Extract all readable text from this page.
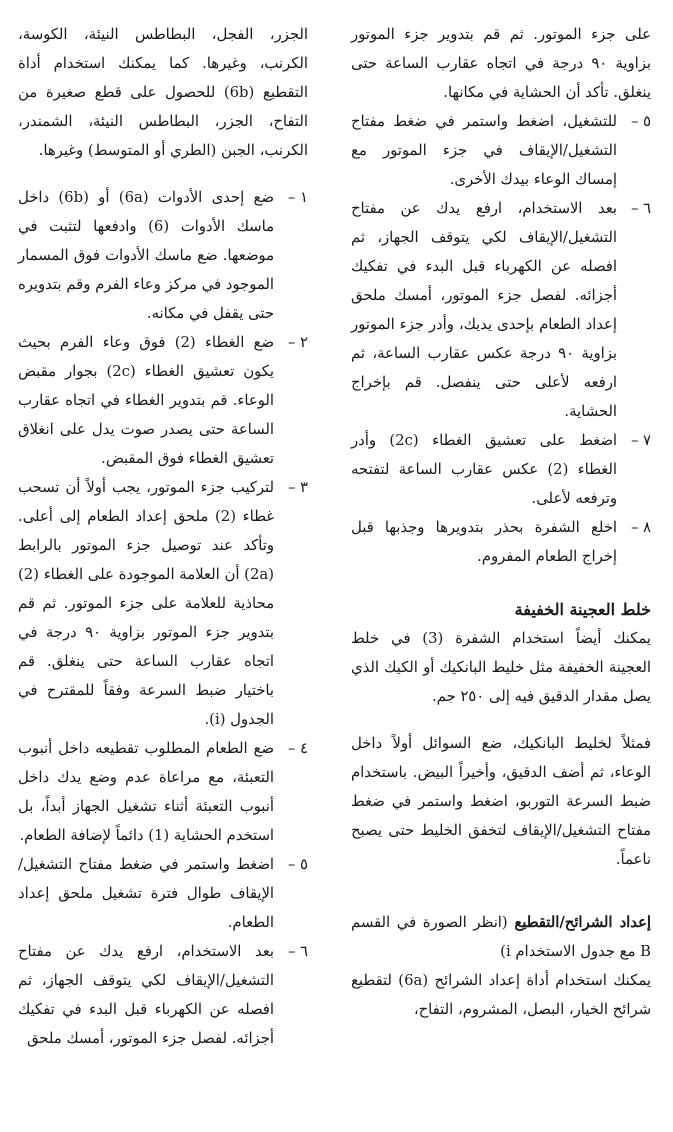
على جزء الموتور. ثم قم بتدوير جزء الموتور بزاوية ٩٠ درجة في اتجاه عقارب الساعة حتى ينغلق. تأكد أن الحشاية في مكانها.

٥ –
للتشغيل، اضغط واستمر في ضغط مفتاح التشغيل/الإيقاف في جزء الموتور مع إمساك الوعاء بيدك الأخرى.
٦ –
بعد الاستخدام، ارفع يدك عن مفتاح التشغيل/الإيقاف لكي يتوقف الجهاز، ثم افصله عن الكهرباء قبل البدء في تفكيك أجزائه. لفصل جزء الموتور، أمسك ملحق إعداد الطعام بإحدى يديك، وأدر جزء الموتور بزاوية ٩٠ درجة عكس عقارب الساعة، ثم ارفعه لأعلى حتى ينفصل. قم بإخراج الحشاية.
٧ –
اضغط على تعشيق الغطاء (2c) وأدر الغطاء (2) عكس عقارب الساعة لتفتحه وترفعه لأعلى.
٨ –
اخلع الشفرة بحذر بتدويرها وجذبها قبل إخراج الطعام المفروم.
خلط العجينة الخفيفة

يمكنك أيضاً استخدام الشفرة (3) في خلط العجينة الخفيفة مثل خليط البانكيك أو الكيك الذي يصل مقدار الدقيق فيه إلى ٢٥٠ جم.

فمثلاً لخليط البانكيك، ضع السوائل أولاً داخل الوعاء، ثم أضف الدقيق، وأخيراً البيض. باستخدام ضبط السرعة التوربو، اضغط واستمر في ضغط مفتاح التشغيل/الإيقاف لتخفق الخليط حتى يصبح ناعماً.

إعداد الشرائح/التقطيع (انظر الصورة في القسم B مع جدول الاستخدام i)

يمكنك استخدام أداة إعداد الشرائح (6a) لتقطيع شرائح الخيار، البصل، المشروم، التفاح،

الجزر، الفجل، البطاطس النيئة، الكوسة، الكرنب، وغيرها. كما يمكنك استخدام أداة التقطيع (6b) للحصول على قطع صغيرة من التفاح، الجزر، البطاطس النيئة، الشمندر، الكرنب، الجبن (الطري أو المتوسط) وغيرها.

١ –
ضع إحدى الأدوات (6a) أو (6b) داخل ماسك الأدوات (6) وادفعها لتثبت في موضعها. ضع ماسك الأدوات فوق المسمار الموجود في مركز وعاء الفرم وقم بتدويره حتى يقفل في مكانه.
٢ –
ضع الغطاء (2) فوق وعاء الفرم بحيث يكون تعشيق الغطاء (2c) بجوار مقبض الوعاء. قم بتدوير الغطاء في اتجاه عقارب الساعة حتى يصدر صوت يدل على انغلاق تعشيق الغطاء فوق المقبض.
٣ –
لتركيب جزء الموتور، يجب أولاً أن تسحب غطاء (2) ملحق إعداد الطعام إلى أعلى. وتأكد عند توصيل جزء الموتور بالرابط (2a) أن العلامة الموجودة على الغطاء (2) محاذية للعلامة على جزء الموتور. ثم قم بتدوير جزء الموتور بزاوية ٩٠ درجة في اتجاه عقارب الساعة حتى ينغلق. قم باختيار ضبط السرعة وفقاً للمقترح في الجدول (i).
٤ –
ضع الطعام المطلوب تقطيعه داخل أنبوب التعبئة، مع مراعاة عدم وضع يدك داخل أنبوب التعبئة أثناء تشغيل الجهاز أبداً، بل استخدم الحشاية (1) دائماً لإضافة الطعام.
٥ –
اضغط واستمر في ضغط مفتاح التشغيل/الإيقاف طوال فترة تشغيل ملحق إعداد الطعام.
٦ –
بعد الاستخدام، ارفع يدك عن مفتاح التشغيل/الإيقاف لكي يتوقف الجهاز، ثم افصله عن الكهرباء قبل البدء في تفكيك أجزائه. لفصل جزء الموتور، أمسك ملحق
